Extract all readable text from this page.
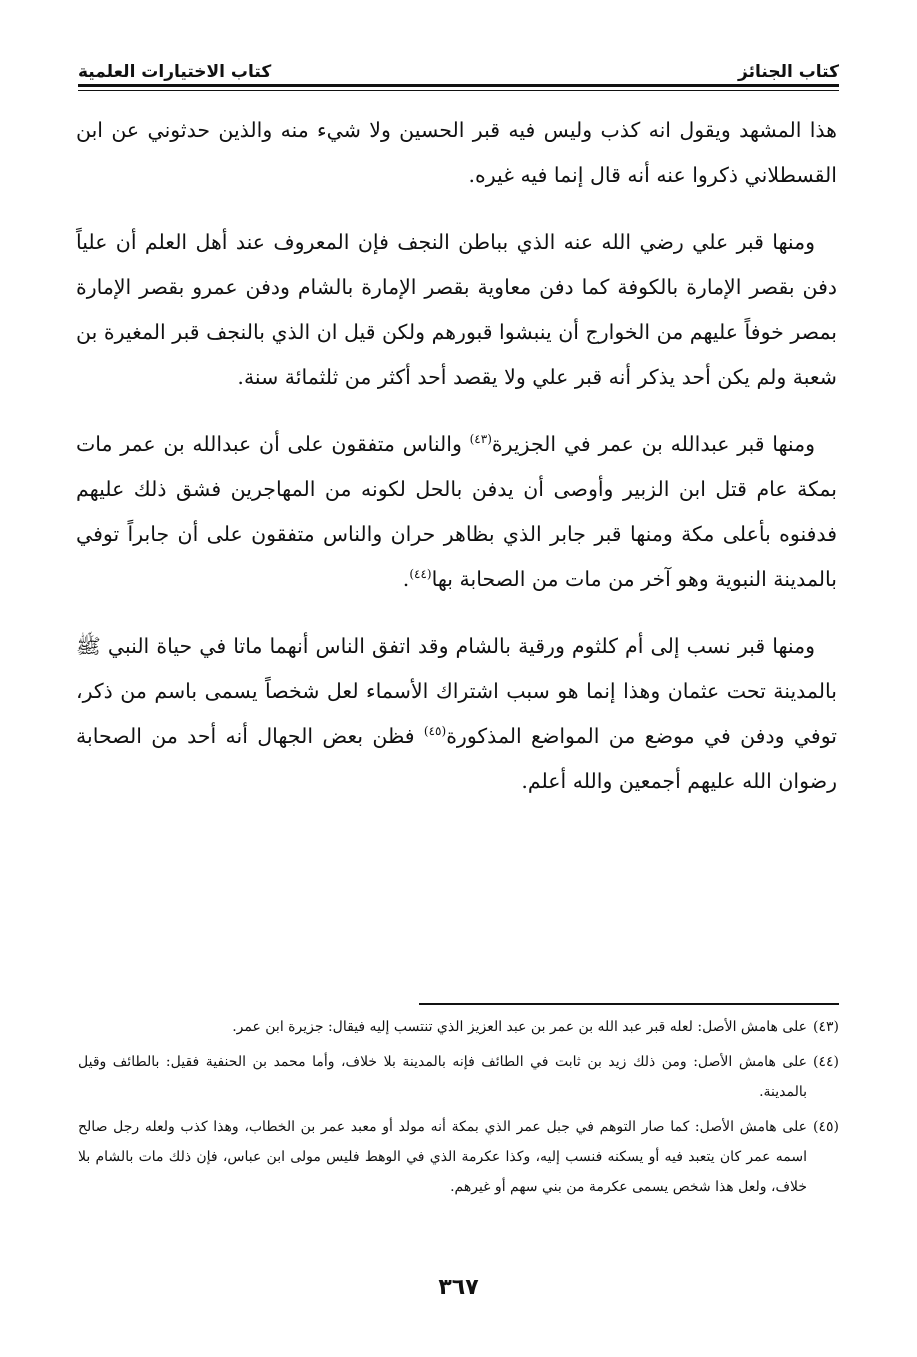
كتاب الجنائز
كتاب الاختيارات العلمية

هذا المشهد ويقول انه كذب وليس فيه قبر الحسين ولا شيء منه والذين حدثوني عن ابن القسطلاني ذكروا عنه أنه قال إنما فيه غيره.

ومنها قبر علي رضي الله عنه الذي بباطن النجف فإن المعروف عند أهل العلم أن علياً دفن بقصر الإمارة بالكوفة كما دفن معاوية بقصر الإمارة بالشام ودفن عمرو بقصر الإمارة بمصر خوفاً عليهم من الخوارج أن ينبشوا قبورهم ولكن قيل ان الذي بالنجف قبر المغيرة بن شعبة ولم يكن أحد يذكر أنه قبر علي ولا يقصد أحد أكثر من ثلثمائة سنة.

ومنها قبر عبدالله بن عمر في الجزيرة$^{(٤٣)}$ والناس متفقون على أن عبدالله بن عمر مات بمكة عام قتل ابن الزبير وأوصى أن يدفن بالحل لكونه من المهاجرين فشق ذلك عليهم فدفنوه بأعلى مكة ومنها قبر جابر الذي بظاهر حران والناس متفقون على أن جابراً توفي بالمدينة النبوية وهو آخر من مات من الصحابة بها$^{(٤٤)}$.

ومنها قبر نسب إلى أم كلثوم ورقية بالشام وقد اتفق الناس أنهما ماتا في حياة النبي ﷺ بالمدينة تحت عثمان وهذا إنما هو سبب اشتراك الأسماء لعل شخصاً يسمى باسم من ذكر، توفي ودفن في موضع من المواضع المذكورة$^{(٤٥)}$ فظن بعض الجهال أنه أحد من الصحابة رضوان الله عليهم أجمعين والله أعلم.

(٤٣)
على هامش الأصل: لعله قبر عبد الله بن عمر بن عبد العزيز الذي تنتسب إليه فيقال: جزيرة ابن عمر.
(٤٤)
على هامش الأصل: ومن ذلك زيد بن ثابت في الطائف فإنه بالمدينة بلا خلاف، وأما محمد بن الحنفية فقيل: بالطائف وقيل بالمدينة.
(٤٥)
على هامش الأصل: كما صار التوهم في جبل عمر الذي بمكة أنه مولد أو معبد عمر بن الخطاب، وهذا كذب ولعله رجل صالح اسمه عمر كان يتعبد فيه أو يسكنه فنسب إليه، وكذا عكرمة الذي في الوهط فليس مولى ابن عباس، فإن ذلك مات بالشام بلا خلاف، ولعل هذا شخص يسمى عكرمة من بني سهم أو غيرهم.
٣٦٧
